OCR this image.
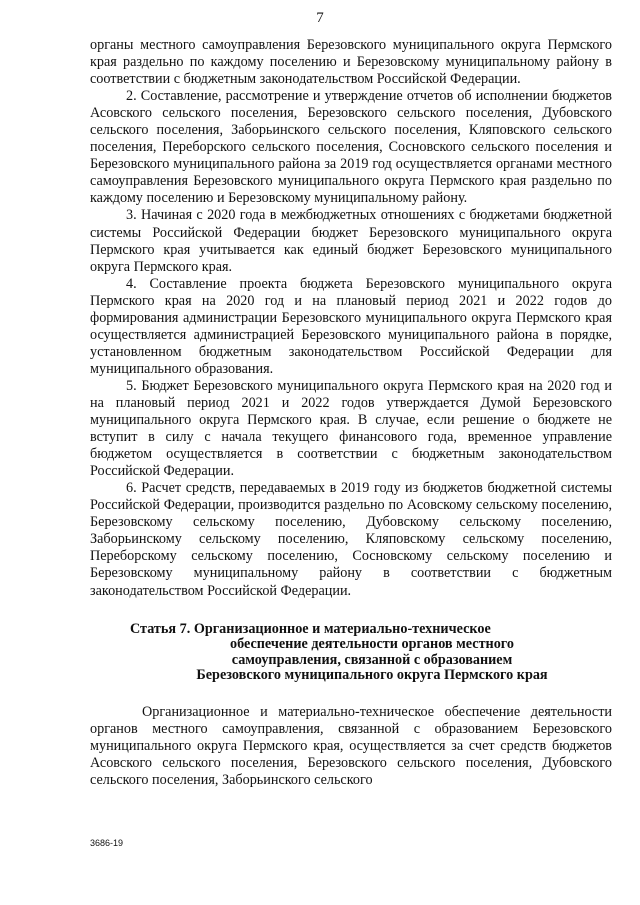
7

органы местного самоуправления Березовского муниципального округа Пермского края раздельно по каждому поселению и Березовскому муниципальному району в соответствии с бюджетным законодательством Российской Федерации.

2. Составление, рассмотрение и утверждение отчетов об исполнении бюджетов Асовского сельского поселения, Березовского сельского поселения, Дубовского сельского поселения, Заборьинского сельского поселения, Кляповского сельского поселения, Переборского сельского поселения, Сосновского сельского поселения и Березовского муниципального района за 2019 год осуществляется органами местного самоуправления Березовского муниципального округа Пермского края раздельно по каждому поселению и Березовскому муниципальному району.

3. Начиная с 2020 года в межбюджетных отношениях с бюджетами бюджетной системы Российской Федерации бюджет Березовского муниципального округа Пермского края учитывается как единый бюджет Березовского муниципального округа Пермского края.

4. Составление проекта бюджета Березовского муниципального округа Пермского края на 2020 год и на плановый период 2021 и 2022 годов до формирования администрации Березовского муниципального округа Пермского края осуществляется администрацией Березовского муниципального района в порядке, установленном бюджетным законодательством Российской Федерации для муниципального образования.

5. Бюджет Березовского муниципального округа Пермского края на 2020 год и на плановый период 2021 и 2022 годов утверждается Думой Березовского муниципального округа Пермского края. В случае, если решение о бюджете не вступит в силу с начала текущего финансового года, временное управление бюджетом осуществляется в соответствии с бюджетным законодательством Российской Федерации.

6. Расчет средств, передаваемых в 2019 году из бюджетов бюджетной системы Российской Федерации, производится раздельно по Асовскому сельскому поселению, Березовскому сельскому поселению, Дубовскому сельскому поселению, Заборьинскому сельскому поселению, Кляповскому сельскому поселению, Переборскому сельскому поселению, Сосновскому сельскому поселению и Березовскому муниципальному району в соответствии с бюджетным законодательством Российской Федерации.

Статья 7. Организационное и материально-техническое
обеспечение деятельности органов местного
самоуправления, связанной с образованием
Березовского муниципального округа Пермского края

Организационное и материально-техническое обеспечение деятельности органов местного самоуправления, связанной с образованием Березовского муниципального округа Пермского края, осуществляется за счет средств бюджетов Асовского сельского поселения, Березовского сельского поселения, Дубовского сельского поселения, Заборьинского сельского

3686-19
